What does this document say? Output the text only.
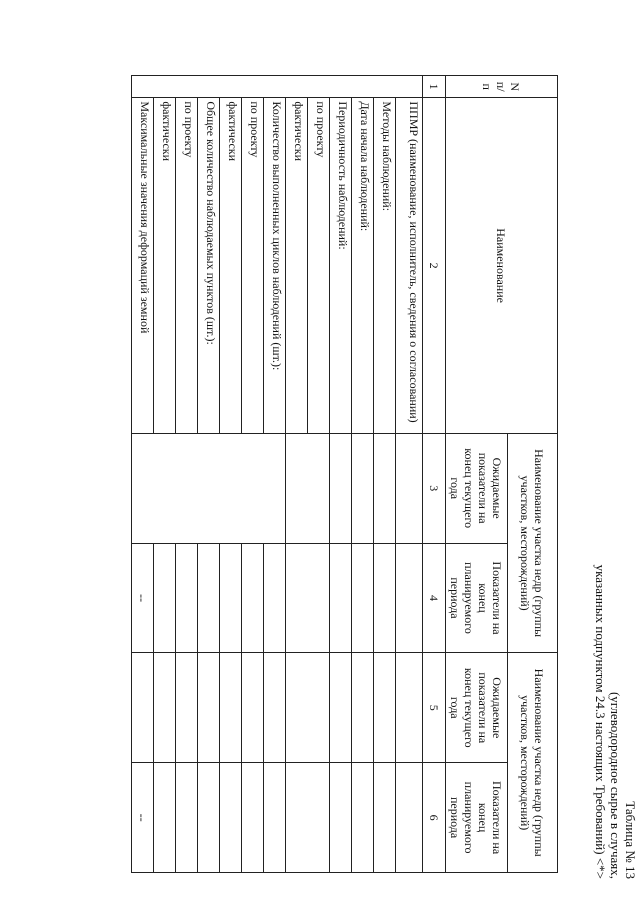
Таблица № 13
(углеводородное сырье в случаях,
указанных подпунктом 24.3 настоящих Требований) <*>
N п/п	Наименование	Наименование участка недр (группы участков, месторождений)		Наименование участка недр (группы участков, месторождений)	
		Ожидаемые показатели на конец текущего года	Показатели на конец планируемого периода	Ожидаемые показатели на конец текущего года	Показатели на конец планируемого периода
1	2	3	4	5	6
	ППМР (наименование, исполнитель, сведения о согласовании)				
	Методы наблюдений:				
	Дата начала наблюдений:				
	Периодичность наблюдений:				
	по проекту				
	фактически				
	Количество выполненных циклов наблюдений (шт.):				
	по проекту				
	фактически				
	Общее количество наблюдаемых пунктов (шт.):				
	по проекту				
	фактически				
	Максимальные значения деформаций земной		--		--
